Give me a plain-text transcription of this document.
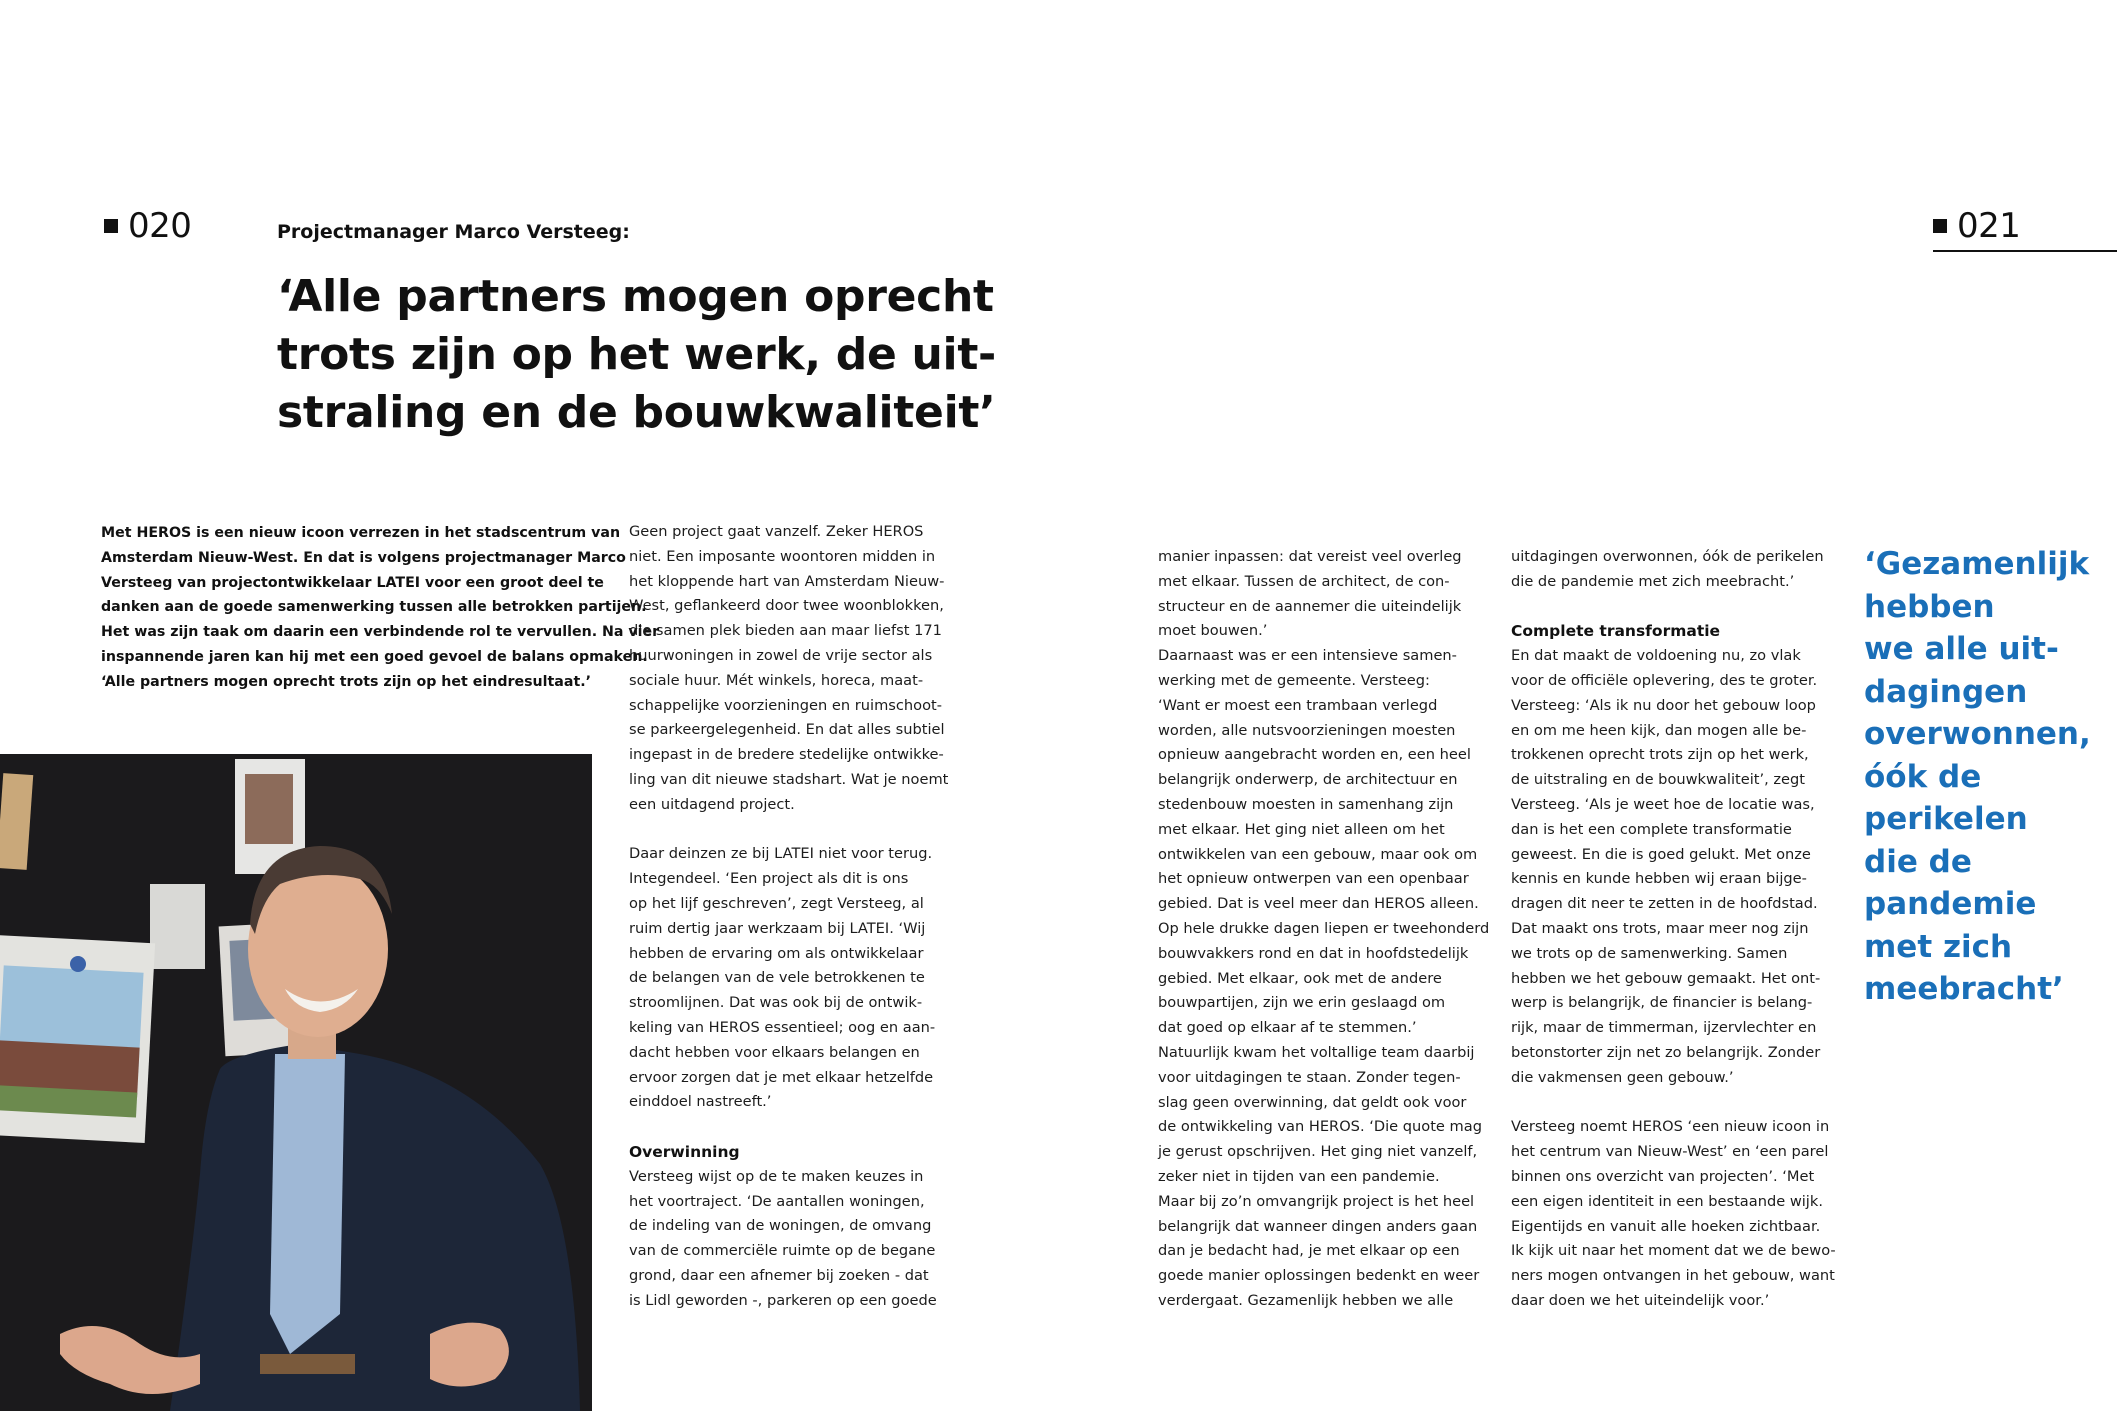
020	Projectmanager Marco Versteeg:
‘Alle partners mogen oprecht
trots zijn op het werk, de uit-
straling en de bouwkwaliteit’
Met HEROS is een nieuw icoon verrezen in het stadscentrum van
Amsterdam Nieuw-West. En dat is volgens projectmanager Marco
Versteeg van projectontwikkelaar LATEI voor een groot deel te
danken aan de goede samenwerking tussen alle betrokken partijen.
Het was zijn taak om daarin een verbindende rol te vervullen. Na vier
inspannende jaren kan hij met een goed gevoel de balans opmaken.
‘Alle partners mogen oprecht trots zijn op het eindresultaat.’
Geen project gaat vanzelf. Zeker HEROS
niet. Een imposante woontoren midden in
het kloppende hart van Amsterdam Nieuw-
West, geflankeerd door twee woonblokken,
die samen plek bieden aan maar liefst 171
huurwoningen in zowel de vrije sector als
sociale huur. Mét winkels, horeca, maat-
schappelijke voorzieningen en ruimschoot-
se parkeergelegenheid. En dat alles subtiel
ingepast in de bredere stedelijke ontwikke-
ling van dit nieuwe stadshart. Wat je noemt
een uitdagend project.
Daar deinzen ze bij LATEI niet voor terug.
Integendeel. ‘Een project als dit is ons
op het lijf geschreven’, zegt Versteeg, al
ruim dertig jaar werkzaam bij LATEI. ‘Wij
hebben de ervaring om als ontwikkelaar
de belangen van de vele betrokkenen te
stroomlijnen. Dat was ook bij de ontwik-
keling van HEROS essentieel; oog en aan-
dacht hebben voor elkaars belangen en
ervoor zorgen dat je met elkaar hetzelfde
einddoel nastreeft.’
Overwinning
Versteeg wijst op de te maken keuzes in
het voortraject. ‘De aantallen woningen,
de indeling van de woningen, de omvang
van de commerciële ruimte op de begane
grond, daar een afnemer bij zoeken - dat
is Lidl geworden -, parkeren op een goede
021
manier inpassen: dat vereist veel overleg
met elkaar. Tussen de architect, de con-
structeur en de aannemer die uiteindelijk
moet bouwen.’
Daarnaast was er een intensieve samen-
werking met de gemeente. Versteeg:
‘Want er moest een trambaan verlegd
worden, alle nutsvoorzieningen moesten
opnieuw aangebracht worden en, een heel
belangrijk onderwerp, de architectuur en
stedenbouw moesten in samenhang zijn
met elkaar. Het ging niet alleen om het
ontwikkelen van een gebouw, maar ook om
het opnieuw ontwerpen van een openbaar
gebied. Dat is veel meer dan HEROS alleen.
Op hele drukke dagen liepen er tweehonderd
bouwvakkers rond en dat in hoofdstedelijk
gebied. Met elkaar, ook met de andere
bouwpartijen, zijn we erin geslaagd om
dat goed op elkaar af te stemmen.’
Natuurlijk kwam het voltallige team daarbij
voor uitdagingen te staan. Zonder tegen-
slag geen overwinning, dat geldt ook voor
de ontwikkeling van HEROS. ‘Die quote mag
je gerust opschrijven. Het ging niet vanzelf,
zeker niet in tijden van een pandemie.
Maar bij zo’n omvangrijk project is het heel
belangrijk dat wanneer dingen anders gaan
dan je bedacht had, je met elkaar op een
goede manier oplossingen bedenkt en weer
verdergaat. Gezamenlijk hebben we alle
uitdagingen overwonnen, óók de perikelen
die de pandemie met zich meebracht.’
Complete transformatie
En dat maakt de voldoening nu, zo vlak
voor de officiële oplevering, des te groter.
Versteeg: ‘Als ik nu door het gebouw loop
en om me heen kijk, dan mogen alle be-
trokkenen oprecht trots zijn op het werk,
de uitstraling en de bouwkwaliteit’, zegt
Versteeg. ‘Als je weet hoe de locatie was,
dan is het een complete transformatie
geweest. En die is goed gelukt. Met onze
kennis en kunde hebben wij eraan bijge-
dragen dit neer te zetten in de hoofdstad.
Dat maakt ons trots, maar meer nog zijn
we trots op de samenwerking. Samen
hebben we het gebouw gemaakt. Het ont-
werp is belangrijk, de financier is belang-
rijk, maar de timmerman, ijzervlechter en
betonstorter zijn net zo belangrijk. Zonder
die vakmensen geen gebouw.’
Versteeg noemt HEROS ‘een nieuw icoon in
het centrum van Nieuw-West’ en ‘een parel
binnen ons overzicht van projecten’. ‘Met
een eigen identiteit in een bestaande wijk.
Eigentijds en vanuit alle hoeken zichtbaar.
Ik kijk uit naar het moment dat we de bewo-
ners mogen ontvangen in het gebouw, want
daar doen we het uiteindelijk voor.’
‘Gezamenlijk
hebben
we alle uit-
dagingen
overwonnen,
óók de
perikelen
die de
pandemie
met zich
meebracht’
